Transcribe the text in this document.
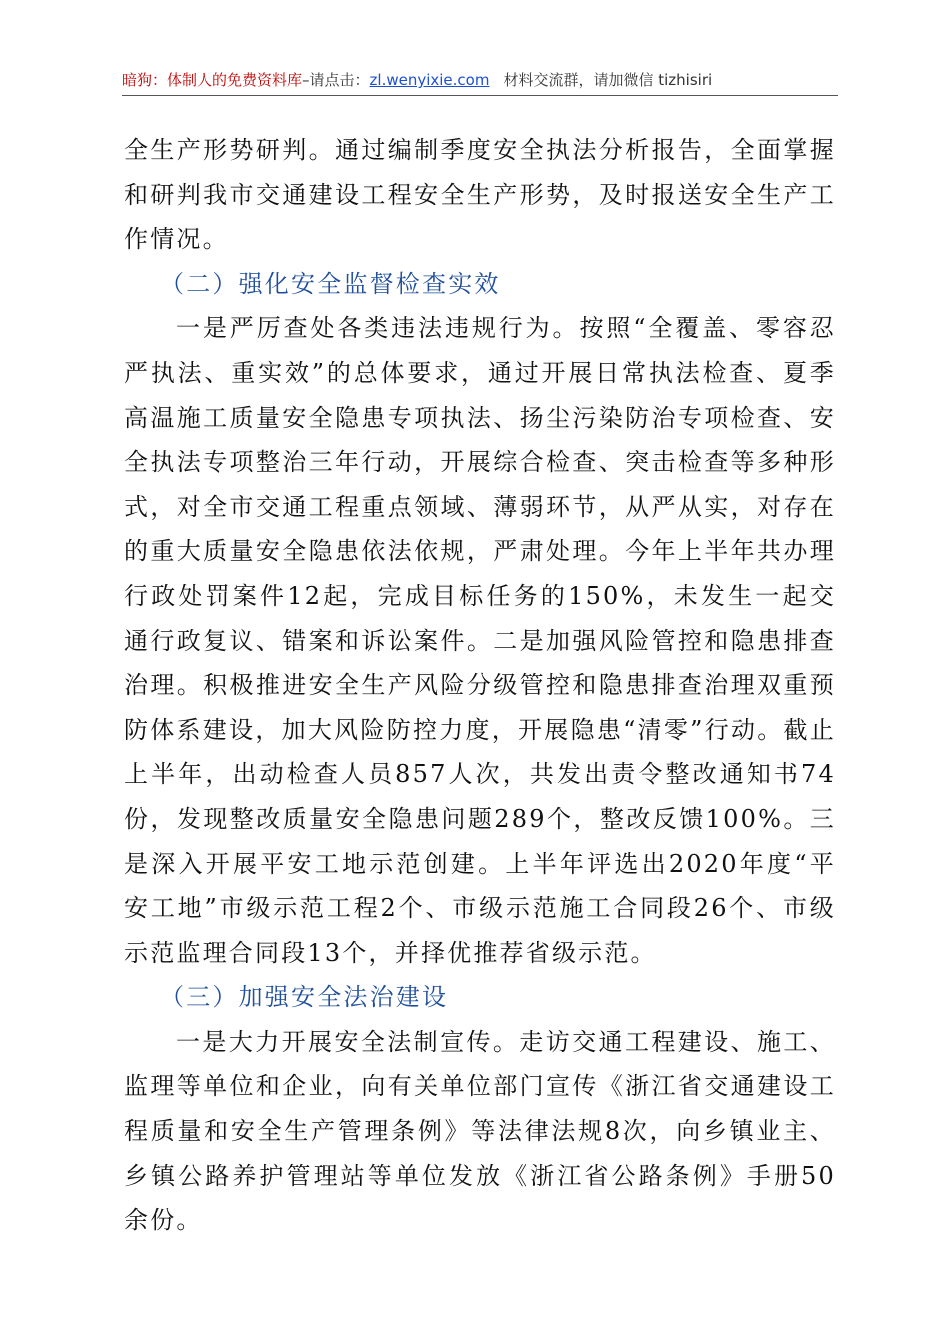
暗狗：体制人的免费资料库–请点击：zl.wenyixie.com 材料交流群，请加微信 tizhisiri

全生产形势研判。通过编制季度安全执法分析报告，全面掌握和研判我市交通建设工程安全生产形势，及时报送安全生产工作情况。

（二）强化安全监督检查实效

一是严厉查处各类违法违规行为。按照“全覆盖、零容忍严执法、重实效”的总体要求，通过开展日常执法检查、夏季高温施工质量安全隐患专项执法、扬尘污染防治专项检查、安全执法专项整治三年行动，开展综合检查、突击检查等多种形式，对全市交通工程重点领域、薄弱环节，从严从实，对存在的重大质量安全隐患依法依规，严肃处理。今年上半年共办理行政处罚案件12起，完成目标任务的150%，未发生一起交通行政复议、错案和诉讼案件。二是加强风险管控和隐患排查治理。积极推进安全生产风险分级管控和隐患排查治理双重预防体系建设，加大风险防控力度，开展隐患“清零”行动。截止上半年，出动检查人员857人次，共发出责令整改通知书74份，发现整改质量安全隐患问题289个，整改反馈100%。三是深入开展平安工地示范创建。上半年评选出2020年度“平安工地”市级示范工程2个、市级示范施工合同段26个、市级示范监理合同段13个，并择优推荐省级示范。

（三）加强安全法治建设

一是大力开展安全法制宣传。走访交通工程建设、施工、监理等单位和企业，向有关单位部门宣传《浙江省交通建设工程质量和安全生产管理条例》等法律法规8次，向乡镇业主、乡镇公路养护管理站等单位发放《浙江省公路条例》手册50余份。
